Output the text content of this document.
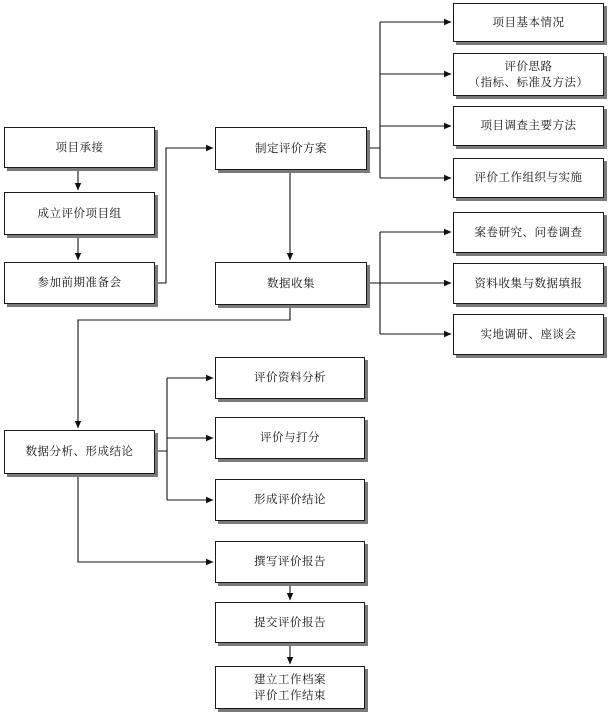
项目承接
成立评价项目组
参加前期准备会
数据分析、形成结论
制定评价方案
数据收集
评价资料分析
评价与打分
形成评价结论
撰写评价报告
提交评价报告
建立工作档案
评价工作结束
项目基本情况
评价思路
（指标、标准及方法）
项目调查主要方法
评价工作组织与实施
案卷研究、问卷调查
资料收集与数据填报
实地调研、座谈会
